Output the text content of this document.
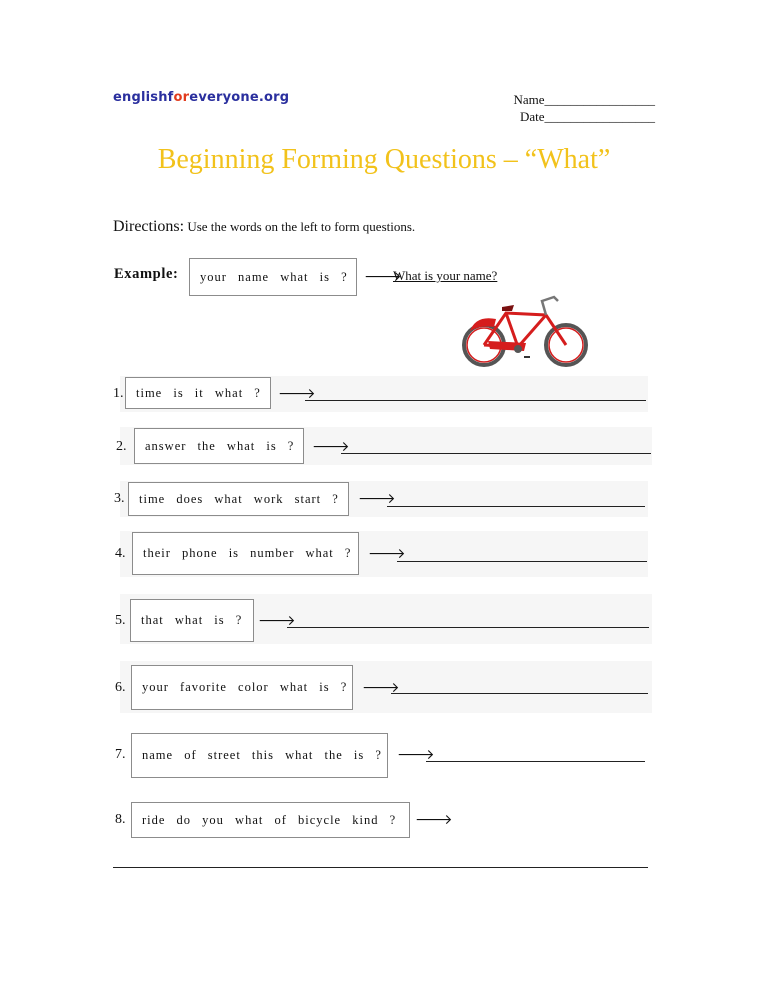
englishforeveryone.org	Name_________________
Date_________________
Beginning Forming Questions – “What”
Directions: Use the words on the left to form questions.
Example:	your name what is ?	🡒
What is your name?
1.	time is it what ?	🡒
2.	answer the what is ?	🡒
3.	time does what work start ?	🡒
4.	their phone is number what ?	🡒
5.	that what is ?	🡒
6.	your favorite color what is ?	🡒
7.	name of street this what the is ?	🡒
8.	ride do you what of bicycle kind ?	🡒
